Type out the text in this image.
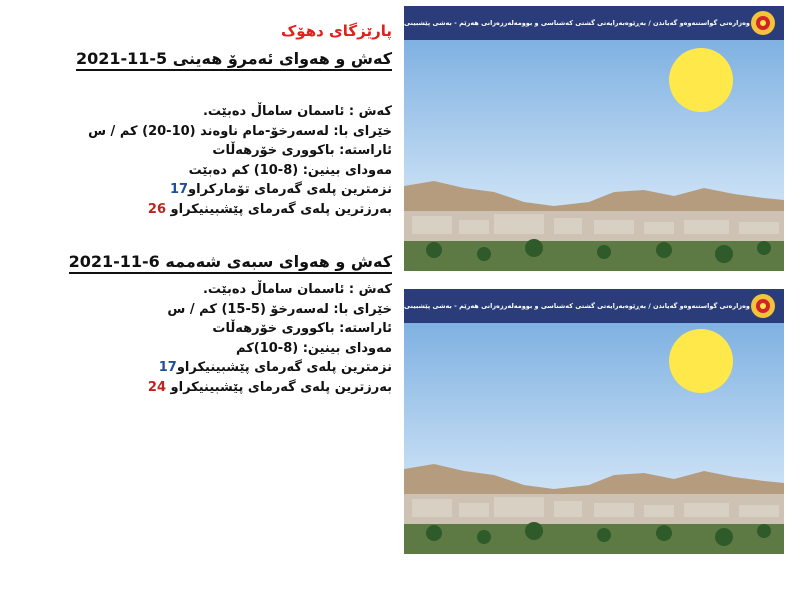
پارێزگای دهۆک
كەش و هەوای ئەمرۆ هەینی 5-11-2021
كەش : ئاسمان ساماڵ دەبێت.
خێرای با: لەسەرخۆ-مام ناوەند (10-20) كم / س
ئاراستە: باكووری خۆرهەڵات
مەودای بینین: (8-10) كم دەبێت
نزمترین پلەی گەرمای تۆماركراو17
بەرزترین پلەی گەرمای پێشبینیكراو 26
كەش و هەوای سبەی شەممە 6-11-2021
كەش : ئاسمان ساماڵ دەبێت.
خێرای با: لەسەرخۆ (5-15) كم / س
ئاراستە: باكووری خۆرهەڵات
مەودای بینین: (8-10)كم
نزمترین پلەی گەرمای پێشبینیكراو17
بەرزترین پلەی گەرمای پێشبینیكراو 24
وەزارەتی گواستنەوەو گەیاندن / بەڕێوەبەرایەتی گشتی كەشناسی و بوومەلەرزەزانی هەرێم - بەشی پێشبینی
وەزارەتی گواستنەوەو گەیاندن / بەڕێوەبەرایەتی گشتی كەشناسی و بوومەلەرزەزانی هەرێم - بەشی پێشبینی
